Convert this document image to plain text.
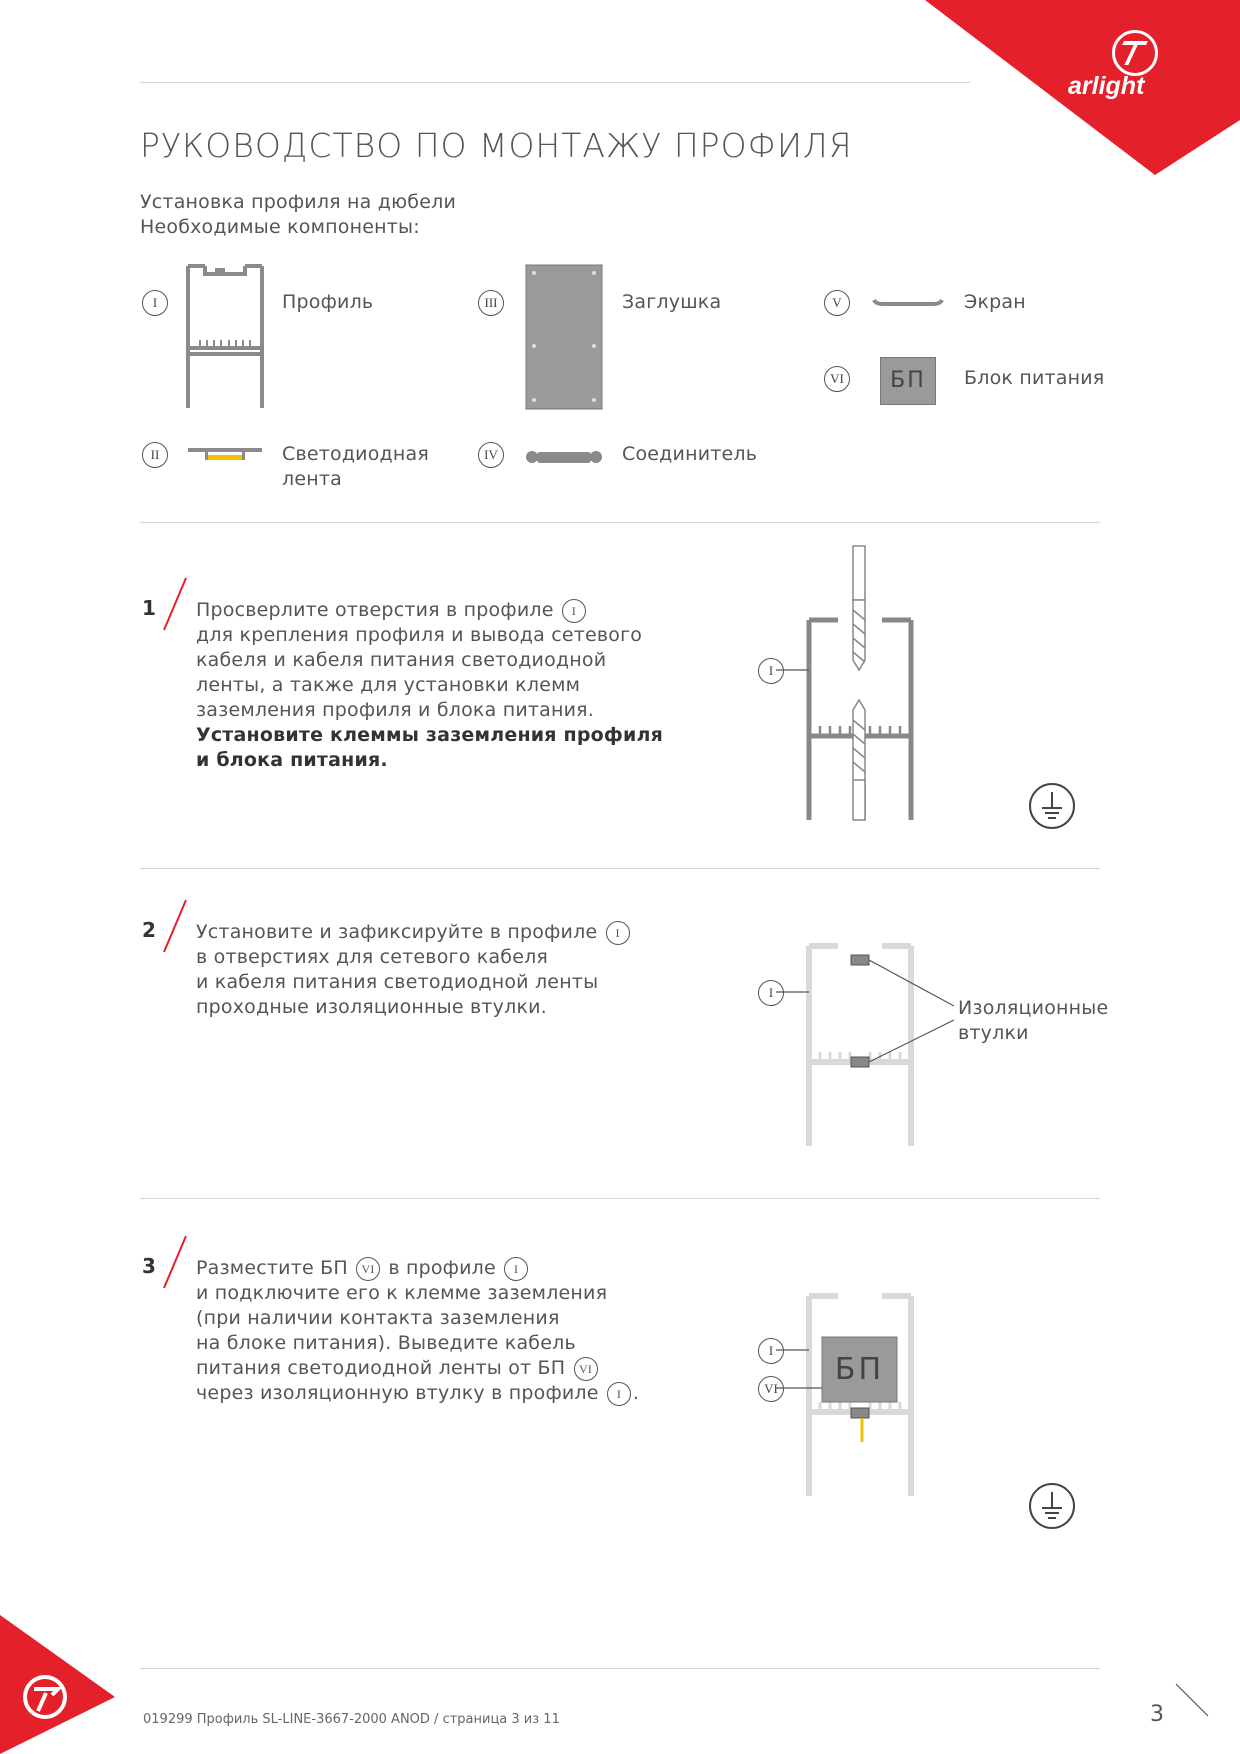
arlight
РУКОВОДСТВО ПО МОНТАЖУ ПРОФИЛЯ
Установка профиля на дюбели
Необходимые компоненты:
I	Профиль
II	Светодиодная
лента
III	Заглушка
IV	Соединитель
V	Экран
VI	БП	Блок питания
1 Просверлите отверстия в профиле I
для крепления профиля и вывода сетевого
кабеля и кабеля питания светодиодной
ленты, а также для установки клемм
заземления профиля и блока питания.
Установите клеммы заземления профиля
и блока питания.
I
2 Установите и зафиксируйте в профиле I
в отверстиях для сетевого кабеля
и кабеля питания светодиодной ленты
проходные изоляционные втулки.
I
Изоляционные
втулки
3 Разместите БП VI в профиле I
и подключите его к клемме заземления
(при наличии контакта заземления
на блоке питания). Выведите кабель
питания светодиодной ленты от БП VI
через изоляционную втулку в профиле I .
БП
I
VI
019299 Профиль SL-LINE-3667-2000 ANOD / страница 3 из 11	3
